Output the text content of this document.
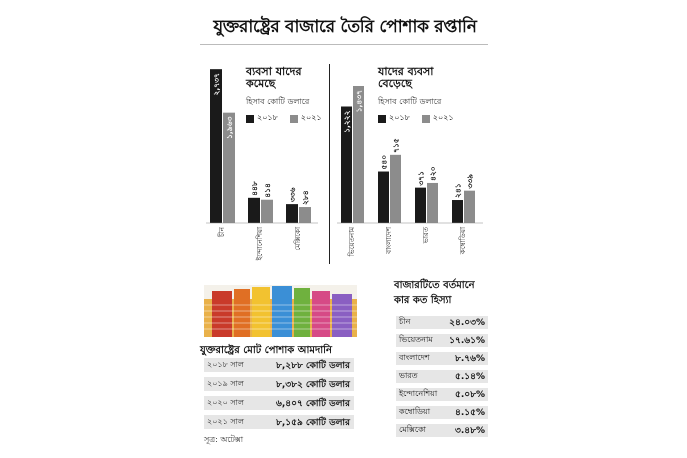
যুক্তরাষ্ট্রের বাজারে তৈরি পোশাক রপ্তানি
ব্যবসা যাদের কমেছে
হিসাব কোটি ডলারে
২০১৮	২০২১
২,৭৩৭
১,৯৬৩
চীন
৪৪৮ ৪১৪
ইন্দোনেশিয়া
৩৩৬ ২৮৪
মেক্সিকো
যাদের ব্যবসা বেড়েছে
হিসাব কোটি ডলারে
২০১৮	২০২১
১,২২২
১,৪৩৭
ভিয়েতনাম
৫৪০
৭১৫
বাংলাদেশ
৩৭১ ৪২০
ভারত
২৪১
৩৩৯
কম্বোডিয়া
বাজারটিতে বর্তমানে
কার কত হিস্যা
চীন	২৪.০৩%
ভিয়েতনাম ১৭.৬১%
বাংলাদেশ	৮.৭৬%
ভারত	৫.১৪%
ইন্দোনেশিয়া ৫.০৮%
কম্বোডিয়া	৪.১৫%
মেক্সিকো	৩.৪৮%
যুক্তরাষ্ট্রের মোট পোশাক আমদানি
২০১৮ সাল	৮,২৮৮ কোটি ডলার
২০১৯ সাল	৮,৩৮২ কোটি ডলার
২০২০ সাল	৬,৪০৭ কোটি ডলার
২০২১ সাল	৮,১৫৯ কোটি ডলার
সূত্র: অটেক্সা
